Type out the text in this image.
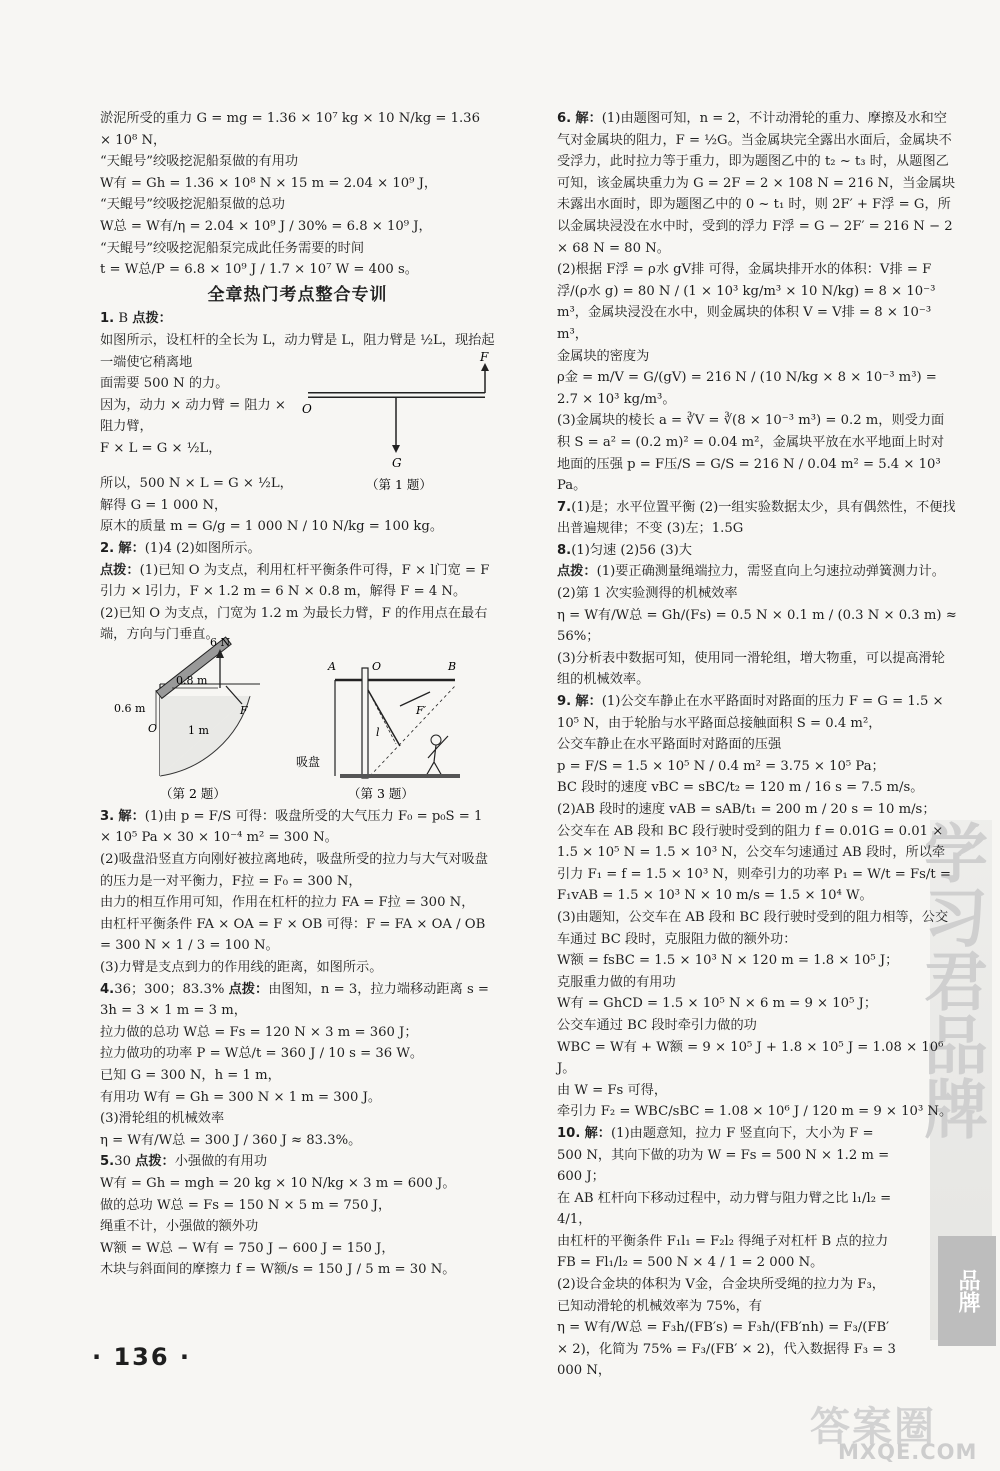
学习君品牌

淤泥所受的重力 G = mg = 1.36 × 10⁷ kg × 10 N/kg = 1.36 × 10⁸ N，

“天鲲号”绞吸挖泥船泵做的有用功

W有 = Gh = 1.36 × 10⁸ N × 15 m = 2.04 × 10⁹ J，

“天鲲号”绞吸挖泥船泵做的总功

W总 = W有/η = 2.04 × 10⁹ J / 30% = 6.8 × 10⁹ J，

“天鲲号”绞吸挖泥船泵完成此任务需要的时间

t = W总/P = 6.8 × 10⁹ J / 1.7 × 10⁷ W = 400 s。

全章热门考点整合专训

1. B 点拨：

如图所示，设杠杆的全长为 L，动力臂是 L，阻力臂是 ½L，现抬起一端使它稍离地

面需要 500 N 的力。

因为，动力 × 动力臂 = 阻力 × 阻力臂，

F × L = G × ½L，

F
G
O
（第 1 题）

所以，500 N × L = G × ½L，

解得 G = 1 000 N，

原木的质量 m = G/g = 1 000 N / 10 N/kg = 100 kg。

2. 解：(1)4 (2)如图所示。

点拨：(1)已知 O 为支点，利用杠杆平衡条件可得，F × l门宽 = F引力 × l引力，F × 1.2 m = 6 N × 0.8 m，解得 F = 4 N。

(2)已知 O 为支点，门宽为 1.2 m 为最长力臂，F 的作用点在最右端，方向与门垂直。

6 N
0.8 m
0.6 m
1 m
O
F
（第 2 题）
A	O	B
l
F′
吸盘
（第 3 题）

3. 解：(1)由 p = F/S 可得：吸盘所受的大气压力 F₀ = p₀S = 1 × 10⁵ Pa × 30 × 10⁻⁴ m² = 300 N。

(2)吸盘沿竖直方向刚好被拉离地砖，吸盘所受的拉力与大气对吸盘的压力是一对平衡力，F拉 = F₀ = 300 N，

由力的相互作用可知，作用在杠杆的拉力 FA = F拉 = 300 N，

由杠杆平衡条件 FA × OA = F × OB 可得：F = FA × OA / OB = 300 N × 1 / 3 = 100 N。

(3)力臂是支点到力的作用线的距离，如图所示。

4.36；300；83.3% 点拨：由图知，n = 3，拉力端移动距离 s = 3h = 3 × 1 m = 3 m，

拉力做的总功 W总 = Fs = 120 N × 3 m = 360 J；

拉力做功的功率 P = W总/t = 360 J / 10 s = 36 W。

已知 G = 300 N，h = 1 m，

有用功 W有 = Gh = 300 N × 1 m = 300 J。

(3)滑轮组的机械效率

η = W有/W总 = 300 J / 360 J ≈ 83.3%。

5.30 点拨：小强做的有用功

W有 = Gh = mgh = 20 kg × 10 N/kg × 3 m = 600 J。

做的总功 W总 = Fs = 150 N × 5 m = 750 J，

绳重不计，小强做的额外功

W额 = W总 − W有 = 750 J − 600 J = 150 J，

木块与斜面间的摩擦力 f = W额/s = 150 J / 5 m = 30 N。

6. 解：(1)由题图可知，n = 2，不计动滑轮的重力、摩擦及水和空气对金属块的阻力，F = ½G。当金属块完全露出水面后，金属块不受浮力，此时拉力等于重力，即为题图乙中的 t₂ ~ t₃ 时，从题图乙可知，该金属块重力为 G = 2F = 2 × 108 N = 216 N，当金属块未露出水面时，即为题图乙中的 0 ~ t₁ 时，则 2F′ + F浮 = G，所以金属块浸没在水中时，受到的浮力 F浮 = G − 2F′ = 216 N − 2 × 68 N = 80 N。

(2)根据 F浮 = ρ水 gV排 可得，金属块排开水的体积：V排 = F浮/(ρ水 g) = 80 N / (1 × 10³ kg/m³ × 10 N/kg) = 8 × 10⁻³ m³，金属块浸没在水中，则金属块的体积 V = V排 = 8 × 10⁻³ m³，

金属块的密度为

ρ金 = m/V = G/(gV) = 216 N / (10 N/kg × 8 × 10⁻³ m³) = 2.7 × 10³ kg/m³。

(3)金属块的棱长 a = ∛V = ∛(8 × 10⁻³ m³) = 0.2 m，则受力面积 S = a² = (0.2 m)² = 0.04 m²，金属块平放在水平地面上时对地面的压强 p = F压/S = G/S = 216 N / 0.04 m² = 5.4 × 10³ Pa。

7.(1)是；水平位置平衡 (2)一组实验数据太少，具有偶然性，不便找出普遍规律；不变 (3)左；1.5G

8.(1)匀速 (2)56 (3)大

点拨：(1)要正确测量绳端拉力，需竖直向上匀速拉动弹簧测力计。(2)第 1 次实验测得的机械效率

η = W有/W总 = Gh/(Fs) = 0.5 N × 0.1 m / (0.3 N × 0.3 m) ≈ 56%；

(3)分析表中数据可知，使用同一滑轮组，增大物重，可以提高滑轮组的机械效率。

9. 解：(1)公交车静止在水平路面时对路面的压力 F = G = 1.5 × 10⁵ N，由于轮胎与水平路面总接触面积 S = 0.4 m²，

公交车静止在水平路面时对路面的压强

p = F/S = 1.5 × 10⁵ N / 0.4 m² = 3.75 × 10⁵ Pa；

BC 段时的速度 vBC = sBC/t₂ = 120 m / 16 s = 7.5 m/s。

(2)AB 段时的速度 vAB = sAB/t₁ = 200 m / 20 s = 10 m/s；

公交车在 AB 段和 BC 段行驶时受到的阻力 f = 0.01G = 0.01 × 1.5 × 10⁵ N = 1.5 × 10³ N，公交车匀速通过 AB 段时，所以牵引力 F₁ = f = 1.5 × 10³ N，则牵引力的功率 P₁ = W/t = Fs/t = F₁vAB = 1.5 × 10³ N × 10 m/s = 1.5 × 10⁴ W。

(3)由题知，公交车在 AB 段和 BC 段行驶时受到的阻力相等，公交车通过 BC 段时，克服阻力做的额外功：

W额 = fsBC = 1.5 × 10³ N × 120 m = 1.8 × 10⁵ J；

克服重力做的有用功

W有 = GhCD = 1.5 × 10⁵ N × 6 m = 9 × 10⁵ J；

公交车通过 BC 段时牵引力做的功

WBC = W有 + W额 = 9 × 10⁵ J + 1.8 × 10⁵ J = 1.08 × 10⁶ J。

由 W = Fs 可得，

牵引力 F₂ = WBC/sBC = 1.08 × 10⁶ J / 120 m = 9 × 10³ N。

10. 解：(1)由题意知，拉力 F 竖直向下，大小为 F = 500 N，其向下做的功为 W = Fs = 500 N × 1.2 m = 600 J；

在 AB 杠杆向下移动过程中，动力臂与阻力臂之比 l₁/l₂ = 4/1，

由杠杆的平衡条件 F₁l₁ = F₂l₂ 得绳子对杠杆 B 点的拉力 FB = Fl₁/l₂ = 500 N × 4 / 1 = 2 000 N。

(2)设合金块的体积为 V金，合金块所受绳的拉力为 F₃，已知动滑轮的机械效率为 75%，有

η = W有/W总 = F₃h/(FB′s) = F₃h/(FB′nh) = F₃/(FB′ × 2)，化简为 75% = F₃/(FB′ × 2)，代入数据得 F₃ = 3 000 N，

品牌
· 136 ·
答案圈
MXQE.COM
